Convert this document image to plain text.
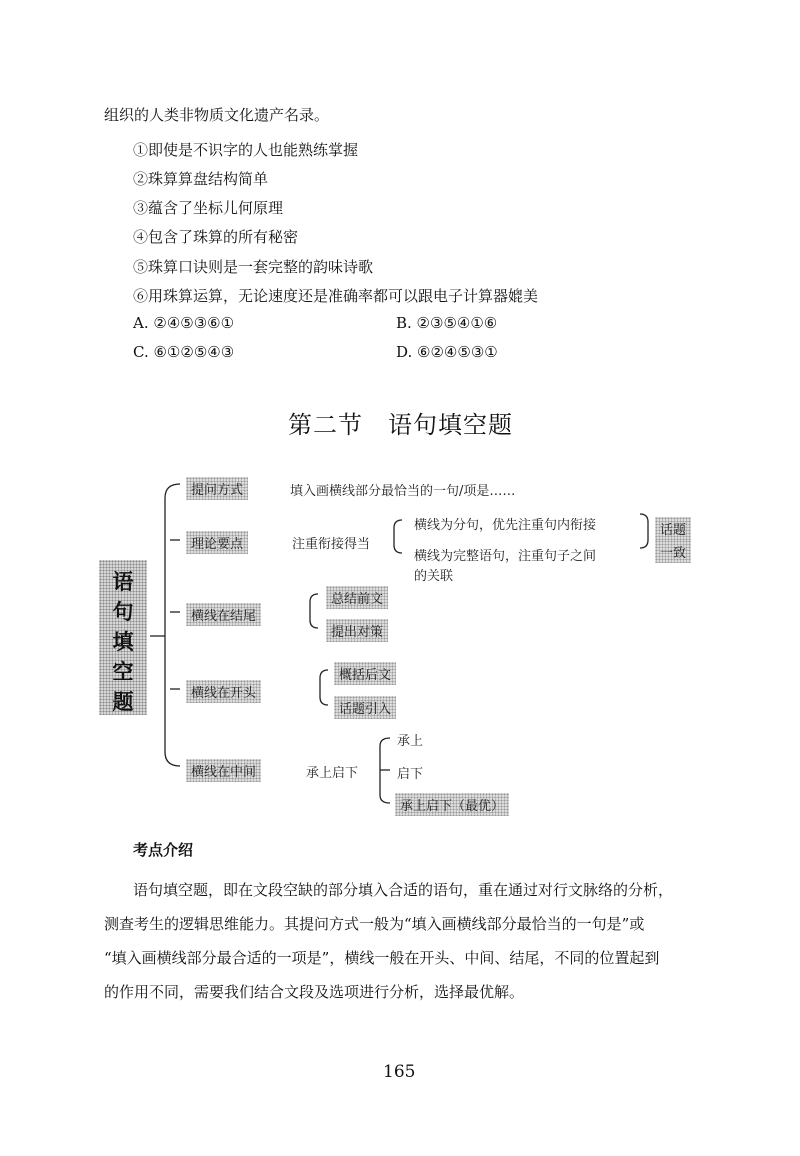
组织的人类非物质文化遗产名录。
①即使是不识字的人也能熟练掌握
②珠算算盘结构简单
③蕴含了坐标儿何原理
④包含了珠算的所有秘密
⑤珠算口诀则是一套完整的韵味诗歌
⑥用珠算运算，无论速度还是准确率都可以跟电子计算器媲美
A. ②④⑤③⑥①	B. ②③⑤④①⑥
C. ⑥①②⑤④③	D. ⑥②④⑤③①
第二节　语句填空题
语
句
填
空
题
提问方式	填入画横线部分最恰当的一句/项是……
理论要点	注重衔接得当
横线为分句，优先注重句内衔接
横线为完整语句，注重句子之间
的关联
话题
一致
横线在结尾
总结前文
提出对策
横线在开头
概括后文
话题引入
横线在中间	承上启下
承上
启下
承上启下（最优）
考点介绍
语句填空题，即在文段空缺的部分填入合适的语句，重在通过对行文脉络的分析，
测查考生的逻辑思维能力。其提问方式一般为“填入画横线部分最恰当的一句是”或
“填入画横线部分最合适的一项是”，横线一般在开头、中间、结尾，不同的位置起到
的作用不同，需要我们结合文段及选项进行分析，选择最优解。
165
